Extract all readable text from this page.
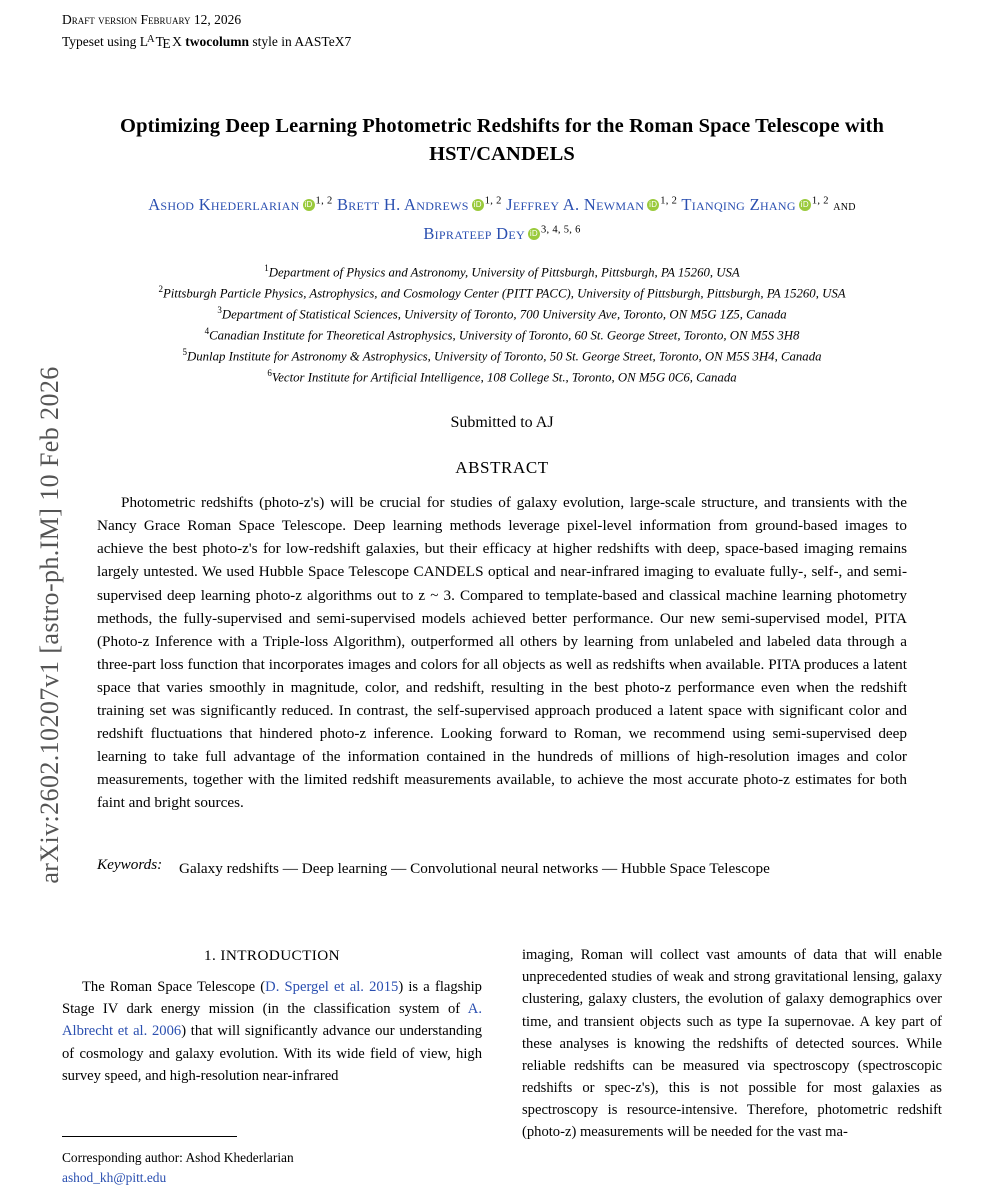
arXiv:2602.10207v1 [astro-ph.IM] 10 Feb 2026
Draft version February 12, 2026
Typeset using $L^ATE$ X twocolumn style in AASTeX7
Optimizing Deep Learning Photometric Redshifts for the Roman Space Telescope with HST/CANDELS
Ashod Khederlarian iD $^{1, 2}$ Brett H. Andrews iD $^{1, 2}$ Jeffrey A. Newman iD $^{1, 2}$ Tianqing Zhang iD $^{1, 2}$ and
Biprateep Dey iD $^{3, 4, 5, 6}$
$^1$Department of Physics and Astronomy, University of Pittsburgh, Pittsburgh, PA 15260, USA
$^2$Pittsburgh Particle Physics, Astrophysics, and Cosmology Center (PITT PACC), University of Pittsburgh, Pittsburgh, PA 15260, USA
$^3$Department of Statistical Sciences, University of Toronto, 700 University Ave, Toronto, ON M5G 1Z5, Canada
$^4$Canadian Institute for Theoretical Astrophysics, University of Toronto, 60 St. George Street, Toronto, ON M5S 3H8
$^5$Dunlap Institute for Astronomy & Astrophysics, University of Toronto, 50 St. George Street, Toronto, ON M5S 3H4, Canada
$^6$Vector Institute for Artificial Intelligence, 108 College St., Toronto, ON M5G 0C6, Canada
Submitted to AJ
ABSTRACT
Photometric redshifts (photo-z's) will be crucial for studies of galaxy evolution, large-scale structure, and transients with the Nancy Grace Roman Space Telescope. Deep learning methods leverage pixel-level information from ground-based images to achieve the best photo-z's for low-redshift galaxies, but their efficacy at higher redshifts with deep, space-based imaging remains largely untested. We used Hubble Space Telescope CANDELS optical and near-infrared imaging to evaluate fully-, self-, and semi-supervised deep learning photo-z algorithms out to z ~ 3. Compared to template-based and classical machine learning photometry methods, the fully-supervised and semi-supervised models achieved better performance. Our new semi-supervised model, PITA (Photo-z Inference with a Triple-loss Algorithm), outperformed all others by learning from unlabeled and labeled data through a three-part loss function that incorporates images and colors for all objects as well as redshifts when available. PITA produces a latent space that varies smoothly in magnitude, color, and redshift, resulting in the best photo-z performance even when the redshift training set was significantly reduced. In contrast, the self-supervised approach produced a latent space with significant color and redshift fluctuations that hindered photo-z inference. Looking forward to Roman, we recommend using semi-supervised deep learning to take full advantage of the information contained in the hundreds of millions of high-resolution images and color measurements, together with the limited redshift measurements available, to achieve the most accurate photo-z estimates for both faint and bright sources.
Keywords:	Galaxy redshifts — Deep learning — Convolutional neural networks — Hubble Space Telescope
1. INTRODUCTION

The Roman Space Telescope (D. Spergel et al. 2015) is a flagship Stage IV dark energy mission (in the classification system of A. Albrecht et al. 2006) that will significantly advance our understanding of cosmology and galaxy evolution. With its wide field of view, high survey speed, and high-resolution near-infrared

imaging, Roman will collect vast amounts of data that will enable unprecedented studies of weak and strong gravitational lensing, galaxy clustering, galaxy clusters, the evolution of galaxy demographics over time, and transient objects such as type Ia supernovae. A key part of these analyses is knowing the redshifts of detected sources. While reliable redshifts can be measured via spectroscopy (spectroscopic redshifts or spec-z's), this is not possible for most galaxies as spectroscopy is resource-intensive. Therefore, photometric redshift (photo-z) measurements will be needed for the vast ma-

Corresponding author: Ashod Khederlarian
ashod_kh@pitt.edu
